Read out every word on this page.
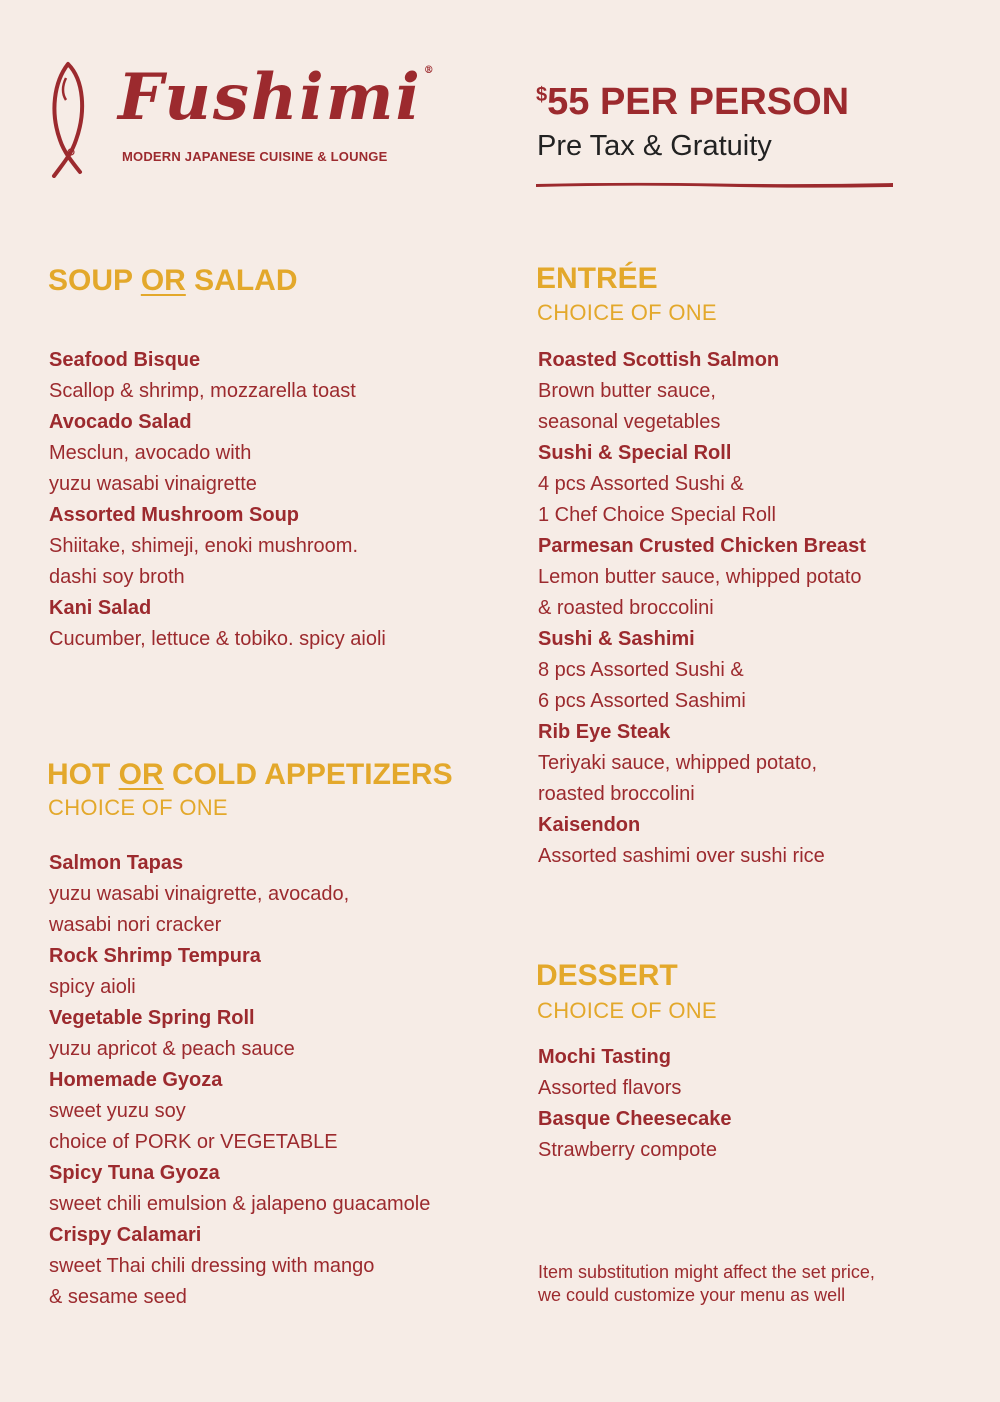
Fushimi ®
MODERN JAPANESE CUISINE & LOUNGE
$55 PER PERSON
Pre Tax & Gratuity
SOUP OR SALAD
Seafood Bisque
Scallop & shrimp, mozzarella toast
Avocado Salad
Mesclun, avocado with
yuzu wasabi vinaigrette
Assorted Mushroom Soup
Shiitake, shimeji, enoki mushroom.
dashi soy broth
Kani Salad
Cucumber, lettuce & tobiko. spicy aioli
HOT OR COLD APPETIZERS
CHOICE OF ONE
Salmon Tapas
yuzu wasabi vinaigrette, avocado,
wasabi nori cracker
Rock Shrimp Tempura
spicy aioli
Vegetable Spring Roll
yuzu apricot & peach sauce
Homemade Gyoza
sweet yuzu soy
choice of PORK or VEGETABLE
Spicy Tuna Gyoza
sweet chili emulsion & jalapeno guacamole
Crispy Calamari
sweet Thai chili dressing with mango
& sesame seed
ENTRÉE
CHOICE OF ONE
Roasted Scottish Salmon
Brown butter sauce,
seasonal vegetables
Sushi & Special Roll
4 pcs Assorted Sushi &
1 Chef Choice Special Roll
Parmesan Crusted Chicken Breast
Lemon butter sauce, whipped potato
& roasted broccolini
Sushi & Sashimi
8 pcs Assorted Sushi &
6 pcs Assorted Sashimi
Rib Eye Steak
Teriyaki sauce, whipped potato,
roasted broccolini
Kaisendon
Assorted sashimi over sushi rice
DESSERT
CHOICE OF ONE
Mochi Tasting
Assorted flavors
Basque Cheesecake
Strawberry compote
Item substitution might affect the set price,
we could customize your menu as well
